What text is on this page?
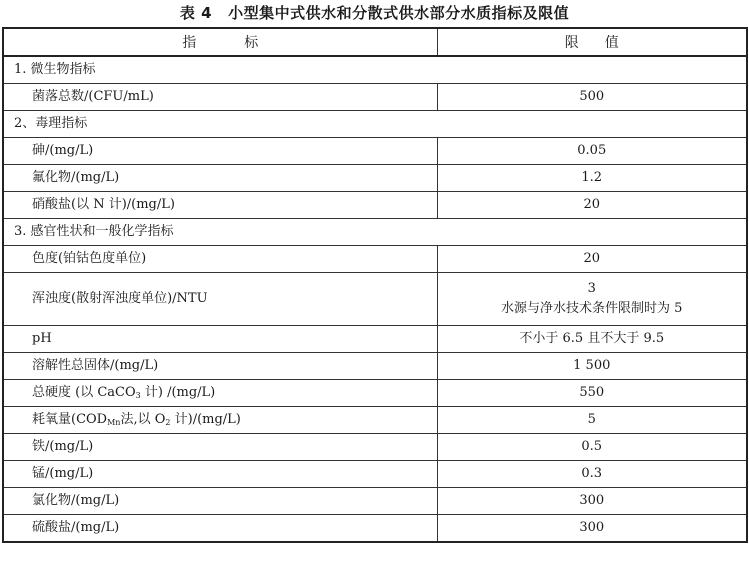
表 4 小型集中式供水和分散式供水部分水质指标及限值
指标	限值
1. 微生物指标	
菌落总数/(CFU/mL)	500
2、毒理指标	
砷/(mg/L)	0.05
氟化物/(mg/L)	1.2
硝酸盐(以 N 计)/(mg/L)	20
3. 感官性状和一般化学指标	
色度(铂钴色度单位)	20
浑浊度(散射浑浊度单位)/NTU	3
水源与净水技术条件限制时为 5

pH	不小于 6.5 且不大于 9.5
溶解性总固体/(mg/L)	1 500
总硬度 (以 CaCO$_3$ 计) /(mg/L)	550
耗氧量($COD_{Mn}$法,以 $O_2$ 计)/(mg/L)	5
铁/(mg/L)	0.5
锰/(mg/L)	0.3
氯化物/(mg/L)	300
硫酸盐/(mg/L)	300
